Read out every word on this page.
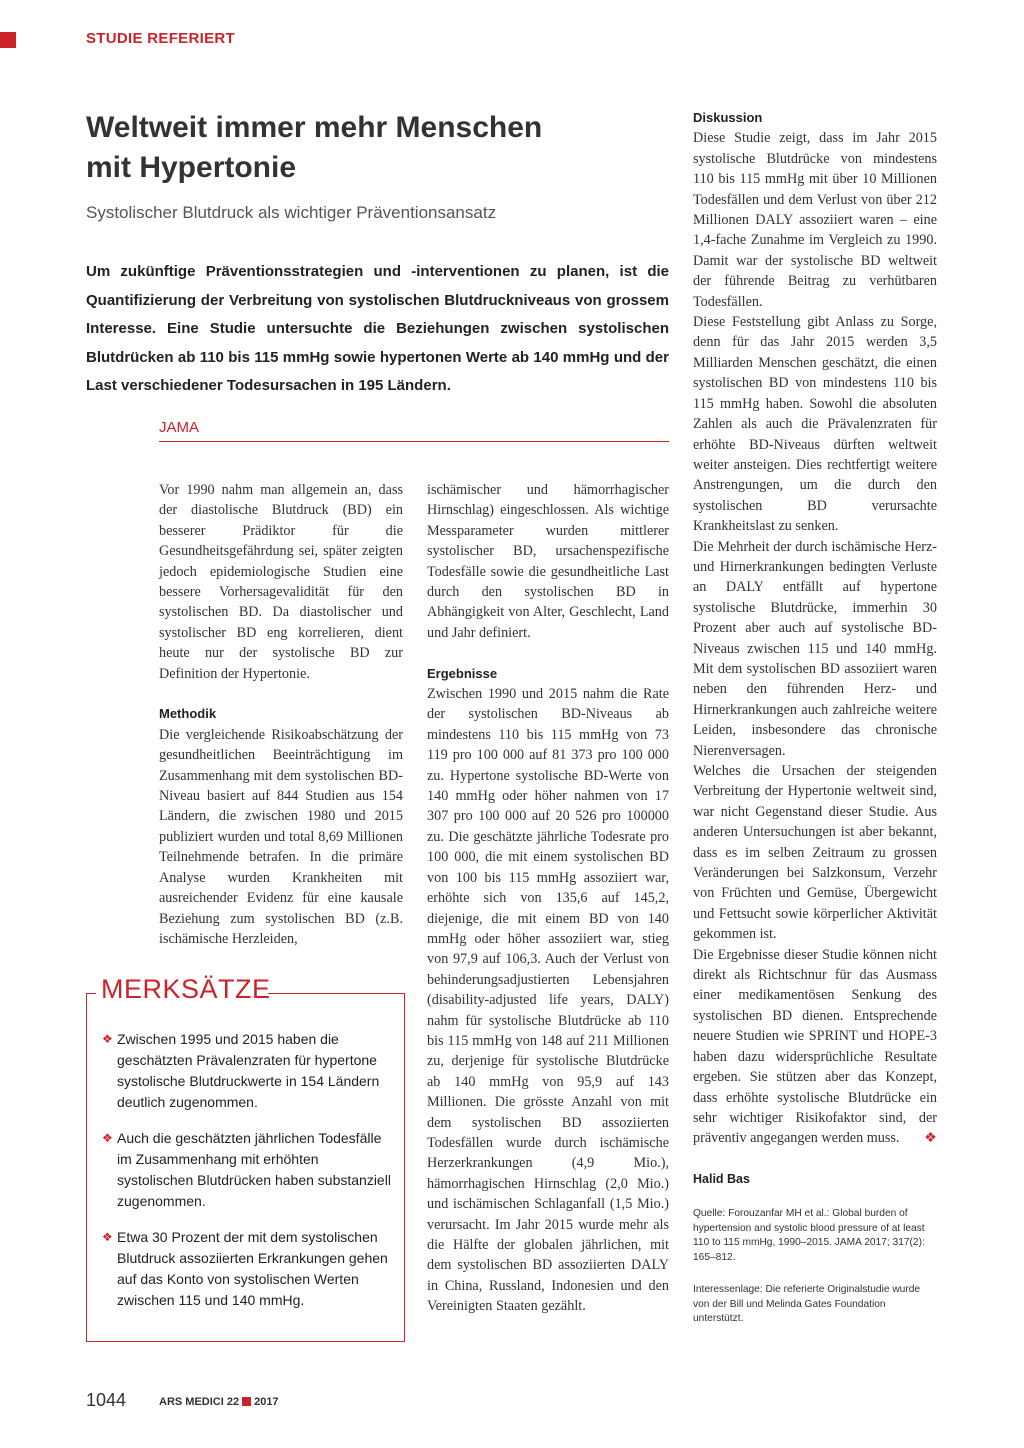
STUDIE REFERIERT
Weltweit immer mehr Menschen
mit Hypertonie
Systolischer Blutdruck als wichtiger Präventionsansatz
Um zukünftige Präventionsstrategien und -interventionen zu planen, ist die Quantifizierung der Verbreitung von systolischen Blutdruckniveaus von grossem Interesse. Eine Studie untersuchte die Beziehungen zwischen systolischen Blutdrücken ab 110 bis 115 mmHg sowie hypertonen Werte ab 140 mmHg und der Last verschiedener Todesursachen in 195 Ländern.
JAMA

Vor 1990 nahm man allgemein an, dass der diastolische Blutdruck (BD) ein besserer Prädiktor für die Gesundheitsgefährdung sei, später zeigten jedoch epidemiologische Studien eine bessere Vorhersagevalidität für den systolischen BD. Da diastolischer und systolischer BD eng korrelieren, dient heute nur der systolische BD zur Definition der Hypertonie.

Methodik

Die vergleichende Risikoabschätzung der gesundheitlichen Beeinträchtigung im Zusammenhang mit dem systolischen BD-Niveau basiert auf 844 Studien aus 154 Ländern, die zwischen 1980 und 2015 publiziert wurden und total 8,69 Millionen Teilnehmende betrafen. In die primäre Analyse wurden Krankheiten mit ausreichender Evidenz für eine kausale Beziehung zum systolischen BD (z.B. ischämische Herzleiden,

ischämischer und hämorrhagischer Hirnschlag) eingeschlossen. Als wichtige Messparameter wurden mittlerer systolischer BD, ursachenspezifische Todesfälle sowie die gesundheitliche Last durch den systolischen BD in Abhängigkeit von Alter, Geschlecht, Land und Jahr definiert.

Ergebnisse

Zwischen 1990 und 2015 nahm die Rate der systolischen BD-Niveaus ab mindestens 110 bis 115 mmHg von 73 119 pro 100 000 auf 81 373 pro 100 000 zu. Hypertone systolische BD-Werte von 140 mmHg oder höher nahmen von 17 307 pro 100 000 auf 20 526 pro 100000 zu. Die geschätzte jährliche Todesrate pro 100 000, die mit einem systolischen BD von 100 bis 115 mmHg assoziiert war, erhöhte sich von 135,6 auf 145,2, diejenige, die mit einem BD von 140 mmHg oder höher assoziiert war, stieg von 97,9 auf 106,3. Auch der Verlust von behinderungsadjustierten Lebensjahren (disability-adjusted life years, DALY) nahm für systolische Blutdrücke ab 110 bis 115 mmHg von 148 auf 211 Millionen zu, derjenige für systolische Blutdrücke ab 140 mmHg von 95,9 auf 143 Millionen. Die grösste Anzahl von mit dem systolischen BD assoziierten Todesfällen wurde durch ischämische Herzerkrankungen (4,9 Mio.), hämorrhagischen Hirnschlag (2,0 Mio.) und ischämischen Schlaganfall (1,5 Mio.) verursacht. Im Jahr 2015 wurde mehr als die Hälfte der globalen jährlichen, mit dem systolischen BD assoziierten DALY in China, Russland, Indonesien und den Vereinigten Staaten gezählt.

Diskussion

Diese Studie zeigt, dass im Jahr 2015 systolische Blutdrücke von mindestens 110 bis 115 mmHg mit über 10 Millionen Todesfällen und dem Verlust von über 212 Millionen DALY assoziiert waren – eine 1,4-fache Zunahme im Vergleich zu 1990. Damit war der systolische BD weltweit der führende Beitrag zu verhütbaren Todesfällen.

Diese Feststellung gibt Anlass zu Sorge, denn für das Jahr 2015 werden 3,5 Milliarden Menschen geschätzt, die einen systolischen BD von mindestens 110 bis 115 mmHg haben. Sowohl die absoluten Zahlen als auch die Prävalenzraten für erhöhte BD-Niveaus dürften weltweit weiter ansteigen. Dies rechtfertigt weitere Anstrengungen, um die durch den systolischen BD verursachte Krankheitslast zu senken.

Die Mehrheit der durch ischämische Herz- und Hirnerkrankungen bedingten Verluste an DALY entfällt auf hypertone systolische Blutdrücke, immerhin 30 Prozent aber auch auf systolische BD-Niveaus zwischen 115 und 140 mmHg. Mit dem systolischen BD assoziiert waren neben den führenden Herz- und Hirnerkrankungen auch zahlreiche weitere Leiden, insbesondere das chronische Nierenversagen.

Welches die Ursachen der steigenden Verbreitung der Hypertonie weltweit sind, war nicht Gegenstand dieser Studie. Aus anderen Untersuchungen ist aber bekannt, dass es im selben Zeitraum zu grossen Veränderungen bei Salzkonsum, Verzehr von Früchten und Gemüse, Übergewicht und Fettsucht sowie körperlicher Aktivität gekommen ist.

Die Ergebnisse dieser Studie können nicht direkt als Richtschnur für das Ausmass einer medikamentösen Senkung des systolischen BD dienen. Entsprechende neuere Studien wie SPRINT und HOPE-3 haben dazu widersprüchliche Resultate ergeben. Sie stützen aber das Konzept, dass erhöhte systolische Blutdrücke ein sehr wichtiger Risikofaktor sind, der präventiv angegangen werden muss. ❖

Halid Bas

Quelle: Forouzanfar MH et al.: Global burden of hypertension and systolic blood pressure of at least 110 to 115 mmHg, 1990–2015. JAMA 2017; 317(2): 165–812.

Interessenlage: Die referierte Originalstudie wurde von der Bill und Melinda Gates Foundation unterstützt.

MERKSÄTZE
❖ Zwischen 1995 und 2015 haben die geschätzten Prävalenzraten für hypertone systolische Blutdruckwerte in 154 Ländern deutlich zugenommen.
❖ Auch die geschätzten jährlichen Todesfälle im Zusammenhang mit erhöhten systolischen Blutdrücken haben substanziell zugenommen.
❖ Etwa 30 Prozent der mit dem systolischen Blutdruck assoziierten Erkrankungen gehen auf das Konto von systolischen Werten zwischen 115 und 140 mmHg.
1044	ARS MEDICI 22 2017
